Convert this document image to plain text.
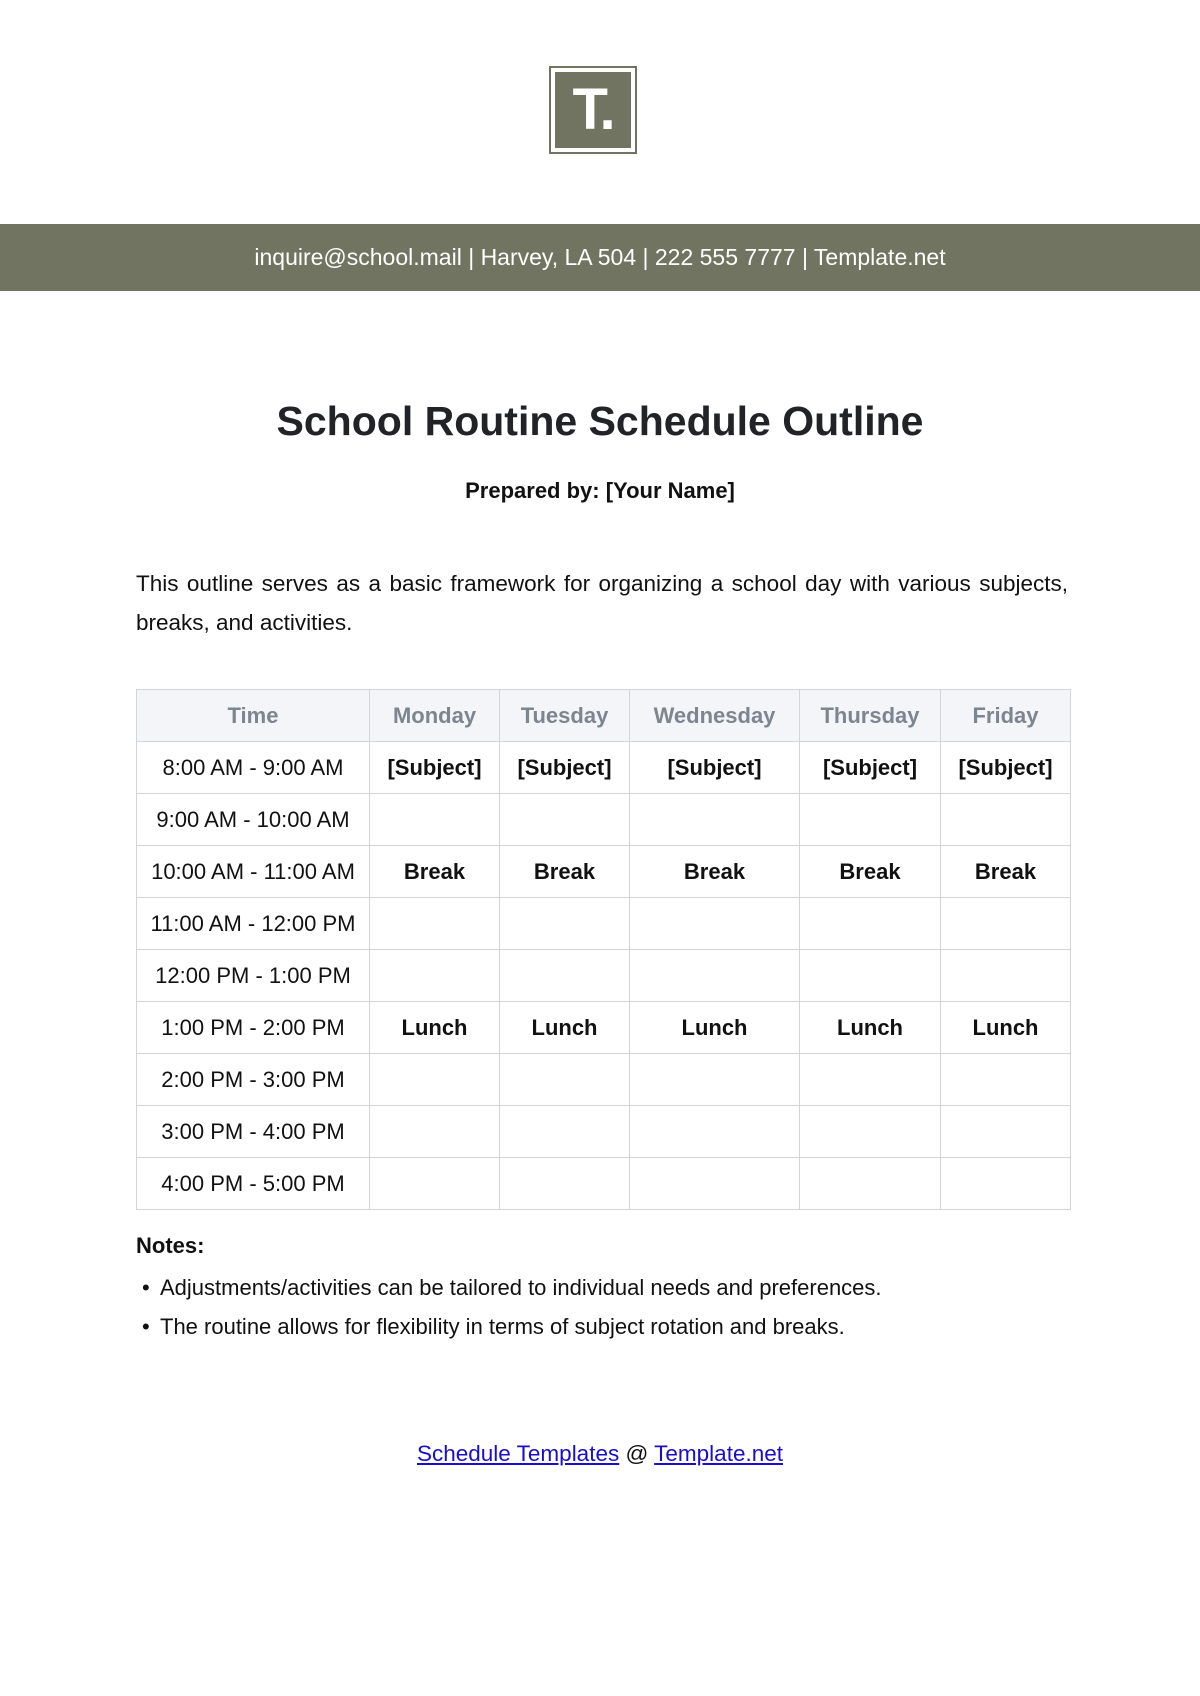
T.
inquire@school.mail | Harvey, LA 504 | 222 555 7777 | Template.net
School Routine Schedule Outline
Prepared by: [Your Name]

This outline serves as a basic framework for organizing a school day with various subjects, breaks, and activities.

Time	Monday	Tuesday	Wednesday	Thursday	Friday
8:00 AM - 9:00 AM	[Subject]	[Subject]	[Subject]	[Subject]	[Subject]
9:00 AM - 10:00 AM					
10:00 AM - 11:00 AM	Break	Break	Break	Break	Break
11:00 AM - 12:00 PM					
12:00 PM - 1:00 PM					
1:00 PM - 2:00 PM	Lunch	Lunch	Lunch	Lunch	Lunch
2:00 PM - 3:00 PM					
3:00 PM - 4:00 PM					
4:00 PM - 5:00 PM					
Notes:
• Adjustments/activities can be tailored to individual needs and preferences.
• The routine allows for flexibility in terms of subject rotation and breaks.
Schedule Templates @ Template.net
